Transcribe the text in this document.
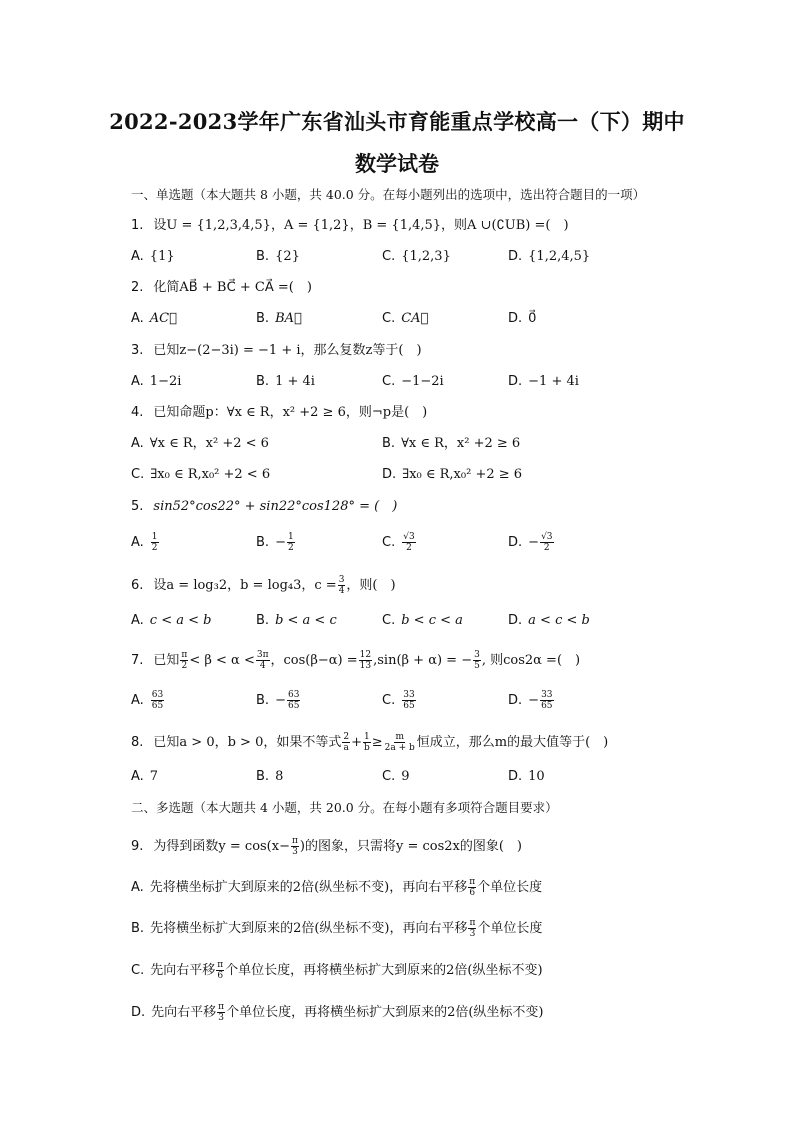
2022-2023学年广东省汕头市育能重点学校高一（下）期中
数学试卷
一、单选题（本大题共 8 小题，共 40.0 分。在每小题列出的选项中，选出符合题目的一项）
1. 设U = {1,2,3,4,5}，A = {1,2}，B = {1,4,5}，则A ∪(∁UB) =(　)
A. {1}	B. {2}	C. {1,2,3}	D. {1,2,4,5}
2. 化简AB⃗ + BC⃗ + CA⃗ =(　)
A. AC⃗	B. BA⃗	C. CA⃗	D. 0⃗
3. 已知z−(2−3i) = −1 + i，那么复数z等于(　)
A. 1−2i	B. 1 + 4i	C. −1−2i	D. −1 + 4i
4. 已知命题p：∀x ∈ R，x² +2 ≥ 6，则¬p是(　)
A. ∀x ∈ R，x² +2 < 6	B. ∀x ∈ R，x² +2 ≥ 6
C. ∃x₀ ∈ R,x₀² +2 < 6	D. ∃x₀ ∈ R,x₀² +2 ≥ 6
5. sin52°cos22° + sin22°cos128° = (　)
A. $\frac{1}{2}$	B. − $\frac{1}{2}$	C. $\frac{√3}{2}$	D. − $\frac{√3}{2}$
6. 设a = log₃2，b = log₄3，$c = \frac{3}{4}$ ，则(　)
A. c < a < b	B. b < a < c	C. b < c < a	D. a < c < b
7. 已知 $\frac{\pi}{2} < \beta < \alpha < \frac{3\pi}{4}$ ，$\cos(\beta-\alpha) = \frac{12}{13} ,\sin(\beta + \alpha)$ = − $\frac{3}{5}$ , 则cos2α =(　)
A. $\frac{63}{65}$	B. − $\frac{63}{65}$	C. $\frac{33}{65}$	D. − $\frac{33}{65}$
8. 已知a > 0，b > 0，如果不等式 $\frac{2}{a} + \frac{1}{b} \ge \frac{m}{2a + b}$ 恒成立，那么m的最大值等于(　)
A. 7	B. 8	C. 9	D. 10
二、多选题（本大题共 4 小题，共 20.0 分。在每小题有多项符合题目要求）
9. 为得到函数$y = \cos(x- \frac{\pi}{3}$ )的图象，只需将y = cos2x的图象(　)
A. 先将横坐标扩大到原来的2倍(纵坐标不变)，再向右平移 $\frac{\pi}{6}$ 个单位长度
B. 先将横坐标扩大到原来的2倍(纵坐标不变)，再向右平移 $\frac{\pi}{3}$ 个单位长度
C. 先向右平移 $\frac{\pi}{6}$ 个单位长度，再将横坐标扩大到原来的2倍(纵坐标不变)
D. 先向右平移 $\frac{\pi}{3}$ 个单位长度，再将横坐标扩大到原来的2倍(纵坐标不变)
